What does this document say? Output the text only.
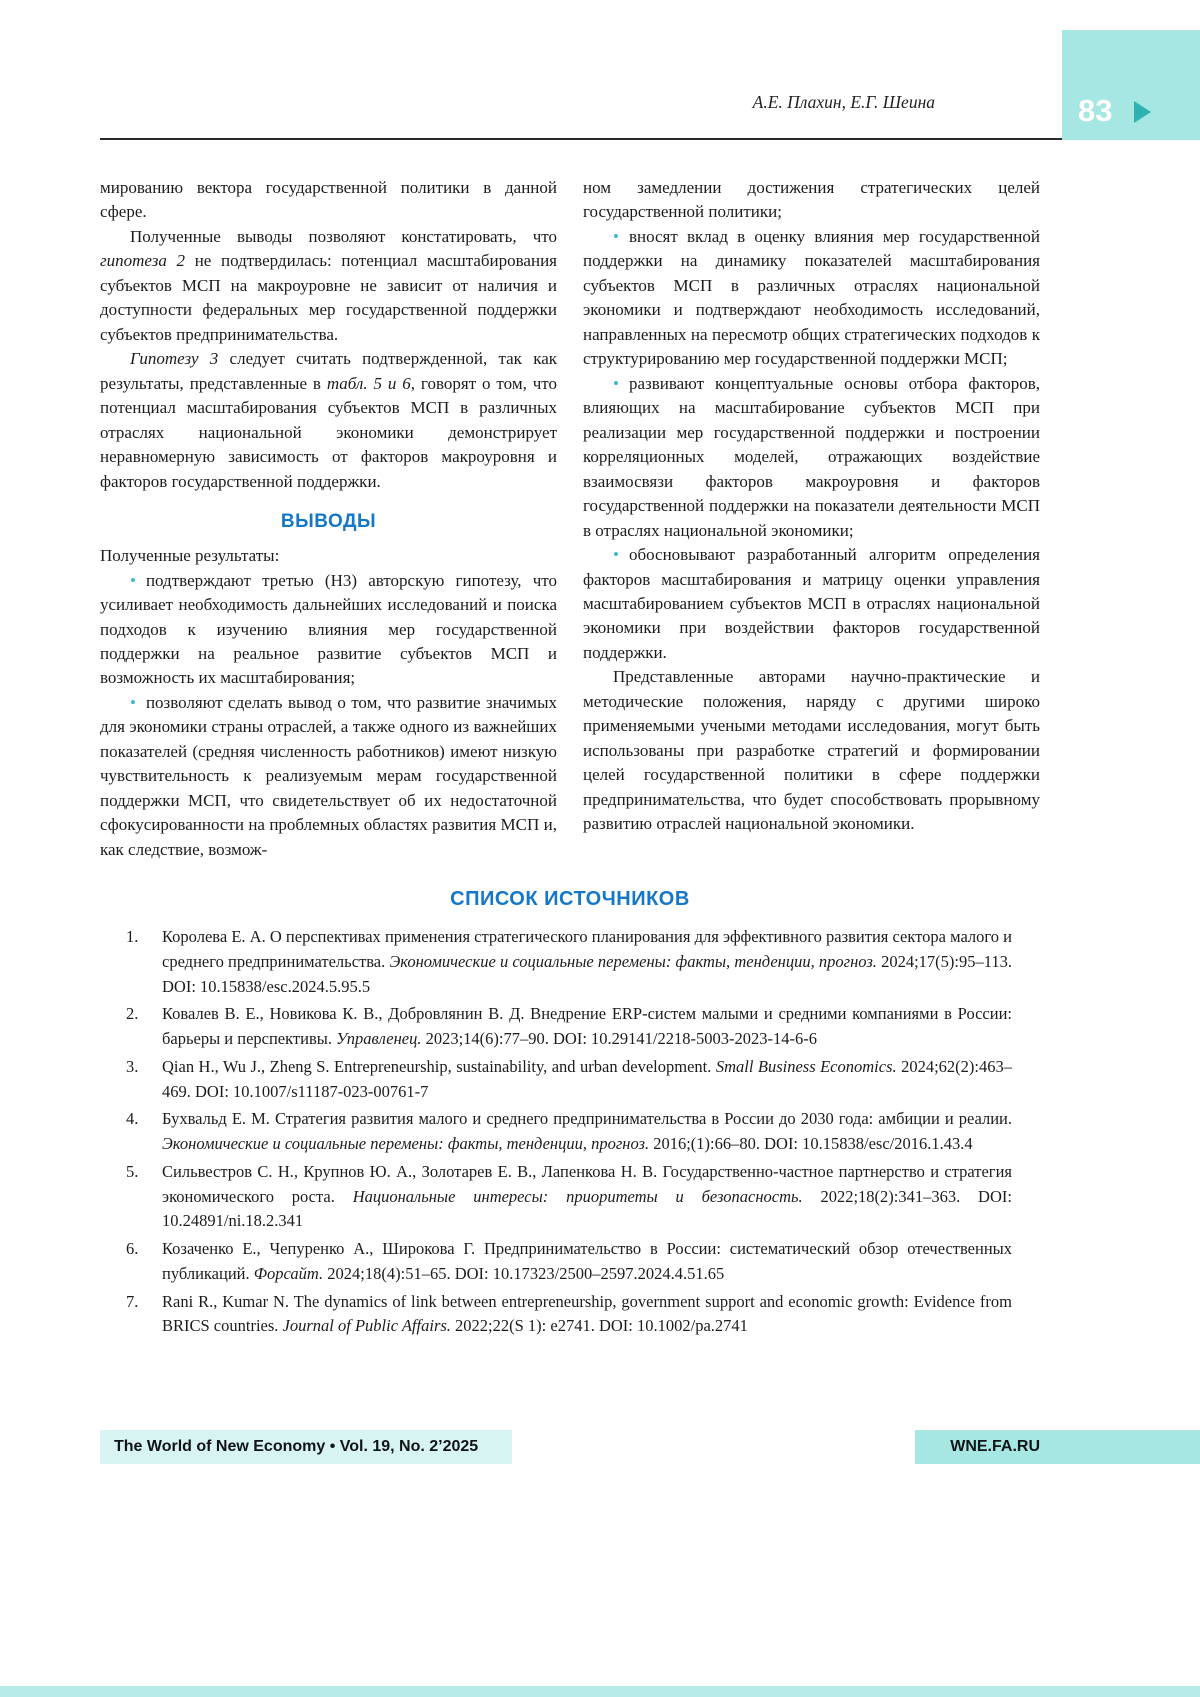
А.Е. Плахин, Е.Г. Шеина	83

мированию вектора государственной политики в данной сфере.

Полученные выводы позволяют констатировать, что гипотеза 2 не подтвердилась: потенциал масштабирования субъектов МСП на макроуровне не зависит от наличия и доступности федеральных мер государственной поддержки субъектов предпринимательства.

Гипотезу 3 следует считать подтвержденной, так как результаты, представленные в табл. 5 и 6, говорят о том, что потенциал масштабирования субъектов МСП в различных отраслях национальной экономики демонстрирует неравномерную зависимость от факторов макроуровня и факторов государственной поддержки.

ВЫВОДЫ

Полученные результаты:

• подтверждают третью (Н3) авторскую гипотезу, что усиливает необходимость дальнейших исследований и поиска подходов к изучению влияния мер государственной поддержки на реальное развитие субъектов МСП и возможность их масштабирования;

• позволяют сделать вывод о том, что развитие значимых для экономики страны отраслей, а также одного из важнейших показателей (средняя численность работников) имеют низкую чувствительность к реализуемым мерам государственной поддержки МСП, что свидетельствует об их недостаточной сфокусированности на проблемных областях развития МСП и, как следствие, возмож-

ном замедлении достижения стратегических целей государственной политики;

• вносят вклад в оценку влияния мер государственной поддержки на динамику показателей масштабирования субъектов МСП в различных отраслях национальной экономики и подтверждают необходимость исследований, направленных на пересмотр общих стратегических подходов к структурированию мер государственной поддержки МСП;

• развивают концептуальные основы отбора факторов, влияющих на масштабирование субъектов МСП при реализации мер государственной поддержки и построении корреляционных моделей, отражающих воздействие взаимосвязи факторов макроуровня и факторов государственной поддержки на показатели деятельности МСП в отраслях национальной экономики;

• обосновывают разработанный алгоритм определения факторов масштабирования и матрицу оценки управления масштабированием субъектов МСП в отраслях национальной экономики при воздействии факторов государственной поддержки.

Представленные авторами научно-практические и методические положения, наряду с другими широко применяемыми учеными методами исследования, могут быть использованы при разработке стратегий и формировании целей государственной политики в сфере поддержки предпринимательства, что будет способствовать прорывному развитию отраслей национальной экономики.

СПИСОК ИСТОЧНИКОВ
1.	Королева Е. А. О перспективах применения стратегического планирования для эффективного развития сектора малого и среднего предпринимательства. Экономические и социальные перемены: факты, тенденции, прогноз. 2024;17(5):95–113. DOI: 10.15838/esc.2024.5.95.5
2.	Ковалев В. Е., Новикова К. В., Добровлянин В. Д. Внедрение ERP-систем малыми и средними компаниями в России: барьеры и перспективы. Управленец. 2023;14(6):77–90. DOI: 10.29141/2218-5003-2023-14-6-6
3.	Qian H., Wu J., Zheng S. Entrepreneurship, sustainability, and urban development. Small Business Economics. 2024;62(2):463–469. DOI: 10.1007/s11187-023-00761-7
4.	Бухвальд Е. М. Стратегия развития малого и среднего предпринимательства в России до 2030 года: амбиции и реалии. Экономические и социальные перемены: факты, тенденции, прогноз. 2016;(1):66–80. DOI: 10.15838/esc/2016.1.43.4
5.	Сильвестров С. Н., Крупнов Ю. А., Золотарев Е. В., Лапенкова Н. В. Государственно-частное партнерство и стратегия экономического роста. Национальные интересы: приоритеты и безопасность. 2022;18(2):341–363. DOI: 10.24891/ni.18.2.341
6.	Козаченко Е., Чепуренко А., Широкова Г. Предпринимательство в России: систематический обзор отечественных публикаций. Форсайт. 2024;18(4):51–65. DOI: 10.17323/2500–2597.2024.4.51.65
7.	Rani R., Kumar N. The dynamics of link between entrepreneurship, government support and economic growth: Evidence from BRICS countries. Journal of Public Affairs. 2022;22(S 1): e2741. DOI: 10.1002/pa.2741
The World of New Economy • Vol. 19, No. 2’2025	WNE.FA.RU
